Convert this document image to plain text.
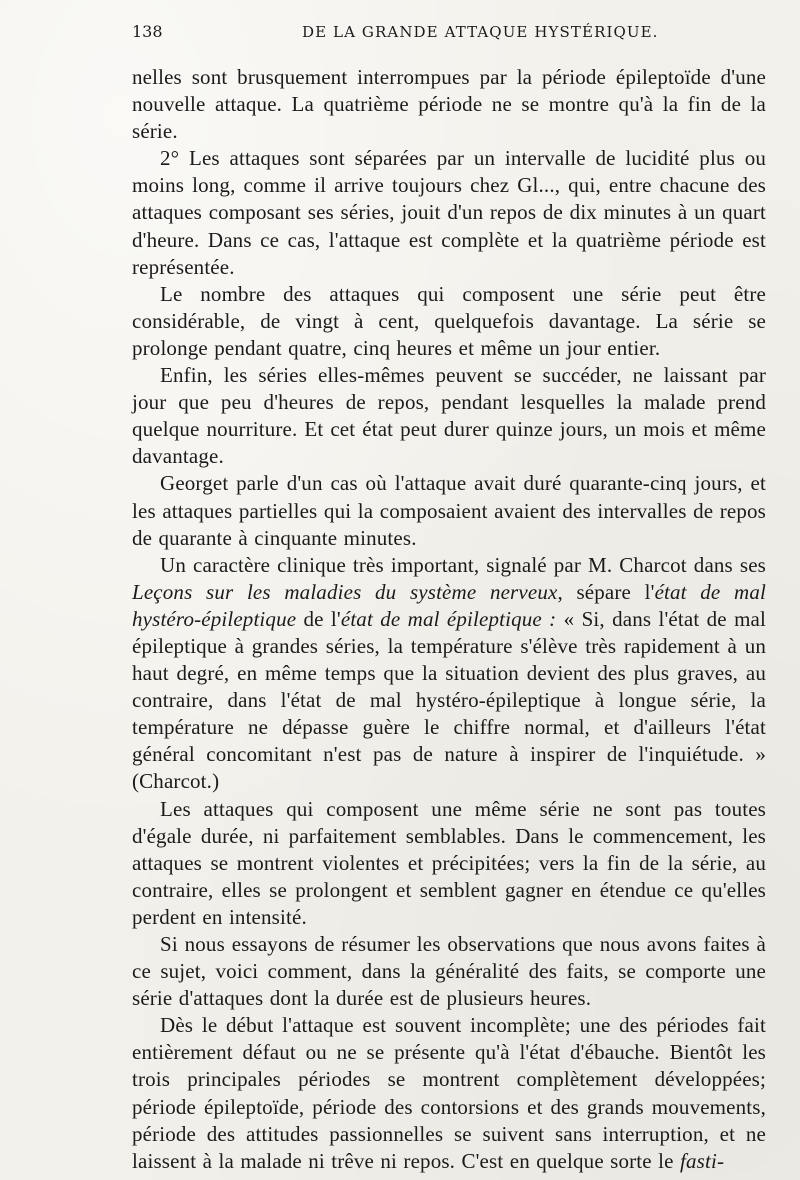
138	DE LA GRANDE ATTAQUE HYSTÉRIQUE.

nelles sont brusquement interrompues par la période épileptoïde d'une nouvelle attaque. La quatrième période ne se montre qu'à la fin de la série.

2° Les attaques sont séparées par un intervalle de lucidité plus ou moins long, comme il arrive toujours chez Gl..., qui, entre chacune des attaques composant ses séries, jouit d'un repos de dix minutes à un quart d'heure. Dans ce cas, l'attaque est complète et la quatrième période est représentée.

Le nombre des attaques qui composent une série peut être considérable, de vingt à cent, quelquefois davantage. La série se prolonge pendant quatre, cinq heures et même un jour entier.

Enfin, les séries elles-mêmes peuvent se succéder, ne laissant par jour que peu d'heures de repos, pendant lesquelles la malade prend quelque nourriture. Et cet état peut durer quinze jours, un mois et même davantage.

Georget parle d'un cas où l'attaque avait duré quarante-cinq jours, et les attaques partielles qui la composaient avaient des intervalles de repos de quarante à cinquante minutes.

Un caractère clinique très important, signalé par M. Charcot dans ses Leçons sur les maladies du système nerveux, sépare l'état de mal hystéro-épileptique de l'état de mal épileptique : « Si, dans l'état de mal épileptique à grandes séries, la température s'élève très rapidement à un haut degré, en même temps que la situation devient des plus graves, au contraire, dans l'état de mal hystéro-épileptique à longue série, la température ne dépasse guère le chiffre normal, et d'ailleurs l'état général concomitant n'est pas de nature à inspirer de l'inquiétude. » (Charcot.)

Les attaques qui composent une même série ne sont pas toutes d'égale durée, ni parfaitement semblables. Dans le commencement, les attaques se montrent violentes et précipitées; vers la fin de la série, au contraire, elles se prolongent et semblent gagner en étendue ce qu'elles perdent en intensité.

Si nous essayons de résumer les observations que nous avons faites à ce sujet, voici comment, dans la généralité des faits, se comporte une série d'attaques dont la durée est de plusieurs heures.

Dès le début l'attaque est souvent incomplète; une des périodes fait entièrement défaut ou ne se présente qu'à l'état d'ébauche. Bientôt les trois principales périodes se montrent complètement développées; période épileptoïde, période des contorsions et des grands mouvements, période des attitudes passionnelles se suivent sans interruption, et ne laissent à la malade ni trêve ni repos. C'est en quelque sorte le fasti-
